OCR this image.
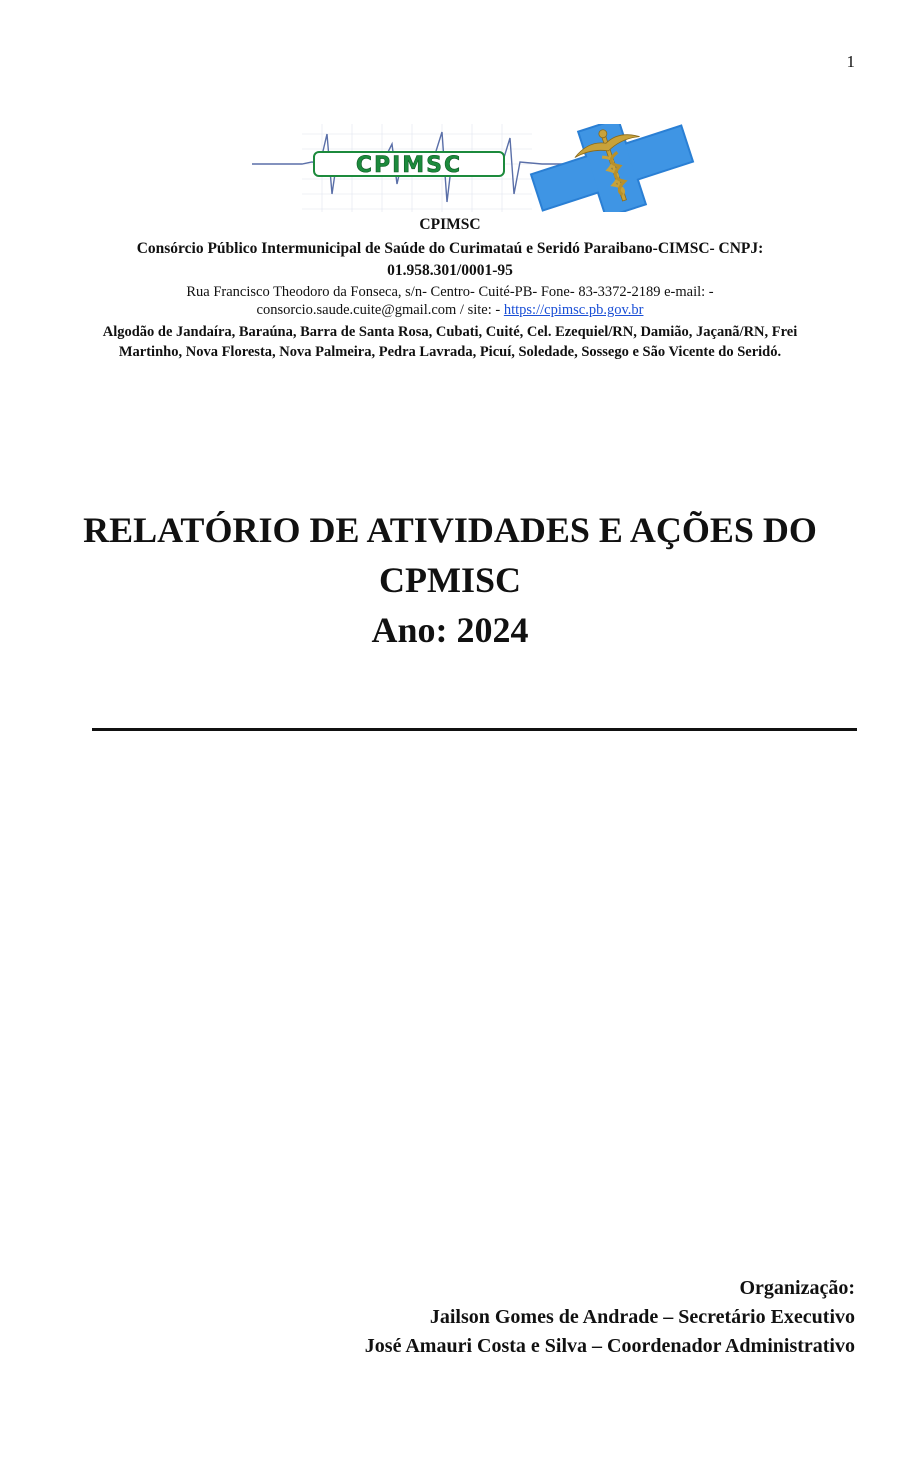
1
CPIMSC
CPIMSC
Consórcio Público Intermunicipal de Saúde do Curimataú e Seridó Paraibano-CIMSC- CNPJ:
01.958.301/0001-95
Rua Francisco Theodoro da Fonseca, s/n- Centro- Cuité-PB- Fone- 83-3372-2189 e-mail: -
consorcio.saude.cuite@gmail.com / site: - https://cpimsc.pb.gov.br
Algodão de Jandaíra, Baraúna, Barra de Santa Rosa, Cubati, Cuité, Cel. Ezequiel/RN, Damião, Jaçanã/RN, Frei
Martinho, Nova Floresta, Nova Palmeira, Pedra Lavrada, Picuí, Soledade, Sossego e São Vicente do Seridó.
RELATÓRIO DE ATIVIDADES E AÇÕES DO
CPMISC
Ano: 2024
Organização:
Jailson Gomes de Andrade – Secretário Executivo
José Amauri Costa e Silva – Coordenador Administrativo
